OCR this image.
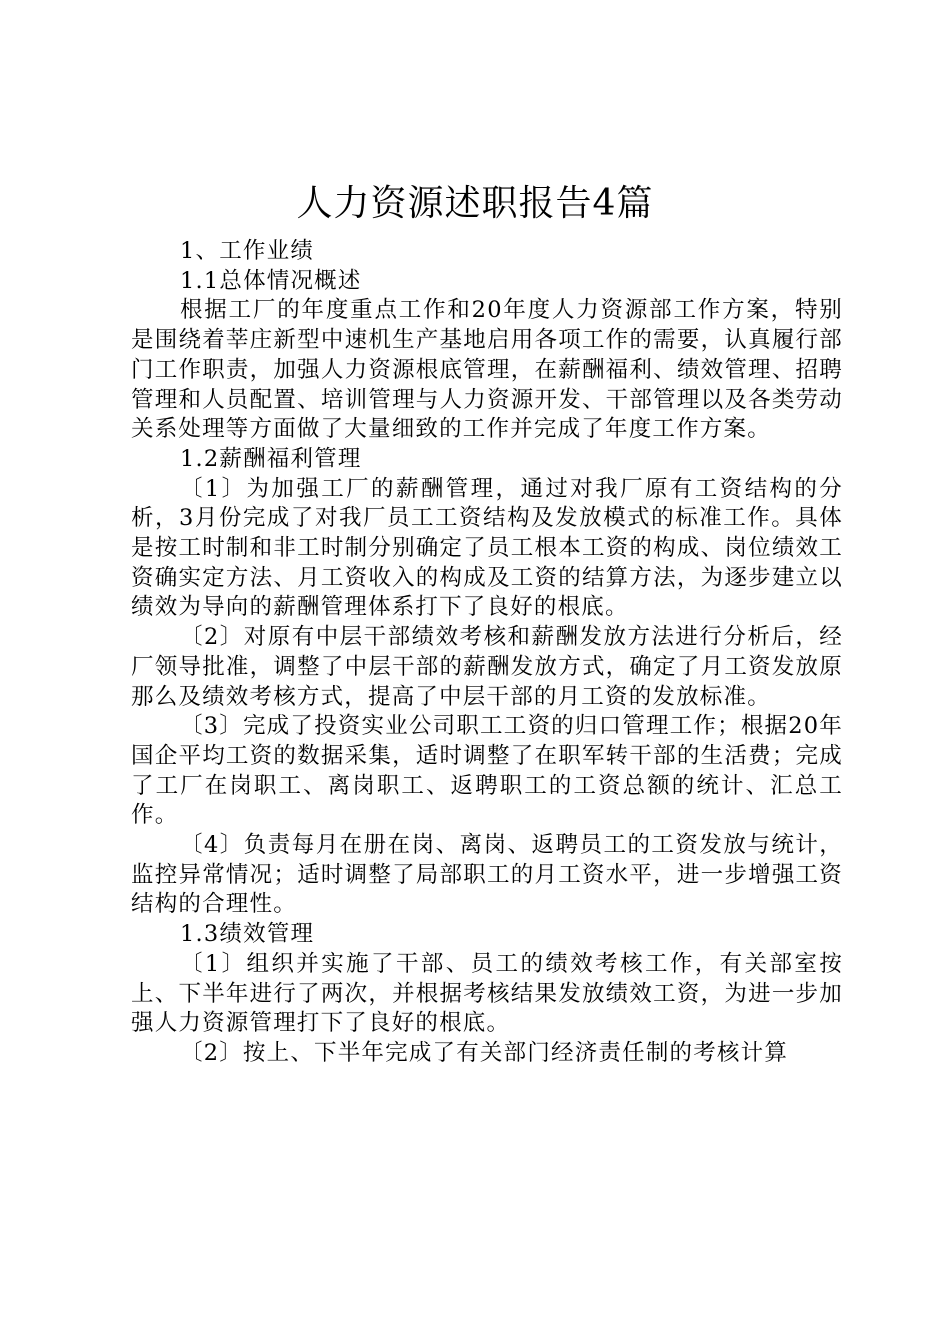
人力资源述职报告4篇

1、工作业绩

1.1总体情况概述

根据工厂的年度重点工作和20年度人力资源部工作方案，特别是围绕着莘庄新型中速机生产基地启用各项工作的需要，认真履行部门工作职责，加强人力资源根底管理，在薪酬福利、绩效管理、招聘管理和人员配置、培训管理与人力资源开发、干部管理以及各类劳动关系处理等方面做了大量细致的工作并完成了年度工作方案。

1.2薪酬福利管理

〔1〕为加强工厂的薪酬管理，通过对我厂原有工资结构的分析，3月份完成了对我厂员工工资结构及发放模式的标准工作。具体是按工时制和非工时制分别确定了员工根本工资的构成、岗位绩效工资确实定方法、月工资收入的构成及工资的结算方法，为逐步建立以绩效为导向的薪酬管理体系打下了良好的根底。

〔2〕对原有中层干部绩效考核和薪酬发放方法进行分析后，经厂领导批准，调整了中层干部的薪酬发放方式，确定了月工资发放原那么及绩效考核方式，提高了中层干部的月工资的发放标准。

〔3〕完成了投资实业公司职工工资的归口管理工作；根据20年国企平均工资的数据采集，适时调整了在职军转干部的生活费；完成了工厂在岗职工、离岗职工、返聘职工的工资总额的统计、汇总工作。

〔4〕负责每月在册在岗、离岗、返聘员工的工资发放与统计，监控异常情况；适时调整了局部职工的月工资水平，进一步增强工资结构的合理性。

1.3绩效管理

〔1〕组织并实施了干部、员工的绩效考核工作，有关部室按上、下半年进行了两次，并根据考核结果发放绩效工资，为进一步加强人力资源管理打下了良好的根底。

〔2〕按上、下半年完成了有关部门经济责任制的考核计算
